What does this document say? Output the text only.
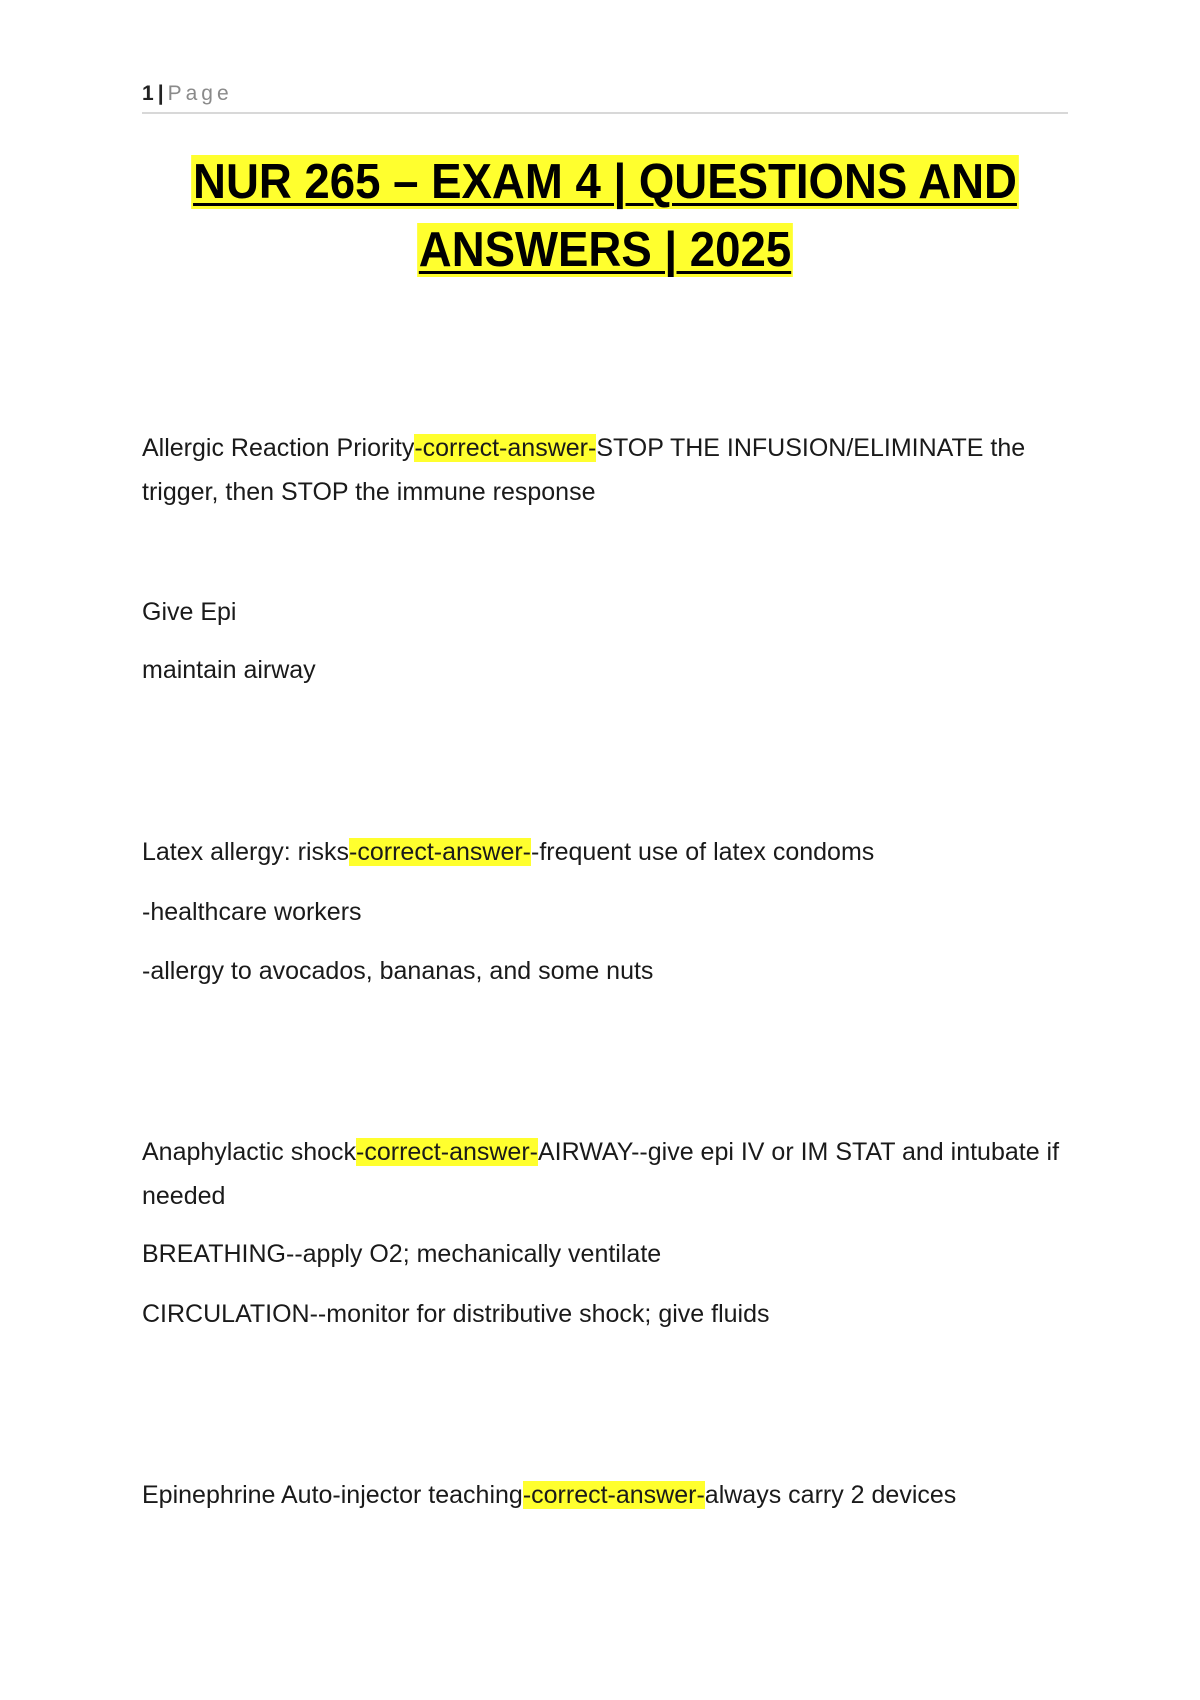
1 | Page
NUR 265 – EXAM 4 | QUESTIONS AND
ANSWERS | 2025

Allergic Reaction Priority-correct-answer-STOP THE INFUSION/ELIMINATE the trigger, then STOP the immune response

Give Epi

maintain airway

Latex allergy: risks-correct-answer--frequent use of latex condoms

-healthcare workers

-allergy to avocados, bananas, and some nuts

Anaphylactic shock-correct-answer-AIRWAY--give epi IV or IM STAT and intubate if needed

BREATHING--apply O2; mechanically ventilate

CIRCULATION--monitor for distributive shock; give fluids

Epinephrine Auto-injector teaching-correct-answer-always carry 2 devices
